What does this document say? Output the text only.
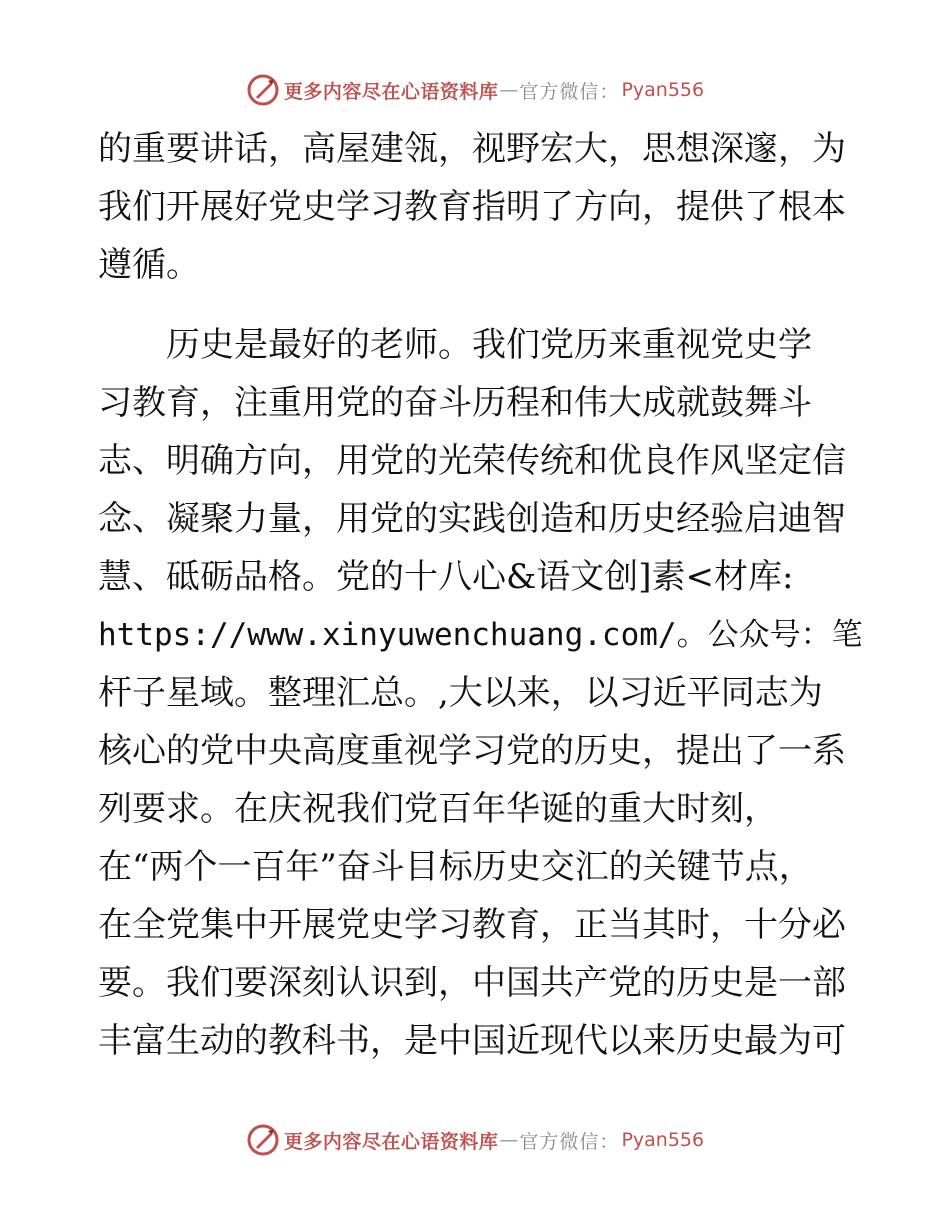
更多内容尽在心语资料库 — 官方微信： Pyan556

的重要讲话，高屋建瓴，视野宏大，思想深邃，为
我们开展好党史学习教育指明了方向，提供了根本
遵循。

　　历史是最好的老师。我们党历来重视党史学
习教育，注重用党的奋斗历程和伟大成就鼓舞斗
志、明确方向，用党的光荣传统和优良作风坚定信
念、凝聚力量，用党的实践创造和历史经验启迪智
慧、砥砺品格。党的十八心&语文创]素<材库:
https://www.xinyuwenchuang.com/。公众号：笔
杆子星域。整理汇总。,大以来，以习近平同志为
核心的党中央高度重视学习党的历史，提出了一系
列要求。在庆祝我们党百年华诞的重大时刻，
在“两个一百年”奋斗目标历史交汇的关键节点，
在全党集中开展党史学习教育，正当其时，十分必
要。我们要深刻认识到，中国共产党的历史是一部
丰富生动的教科书，是中国近现代以来历史最为可

更多内容尽在心语资料库 — 官方微信： Pyan556
